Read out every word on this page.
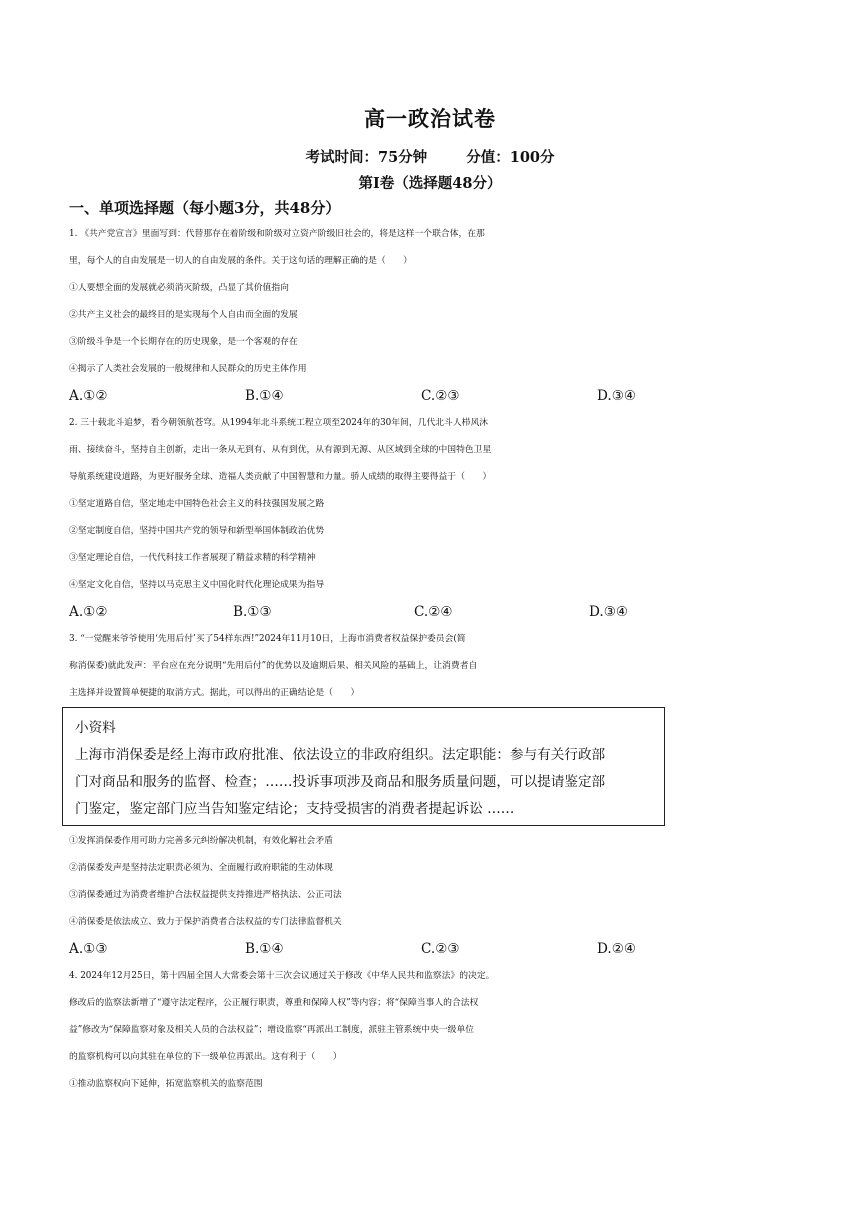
高一政治试卷
考试时间：75分钟	分值：100分
第Ⅰ卷（选择题48分）
一、单项选择题（每小题3分，共48分）
1. 《共产党宣言》里面写到：代替那存在着阶级和阶级对立资产阶级旧社会的，将是这样一个联合体，在那
里，每个人的自由发展是一切人的自由发展的条件。关于这句话的理解正确的是（　　）
①人要想全面的发展就必须消灭阶级，凸显了其价值指向
②共产主义社会的最终目的是实现每个人自由而全面的发展
③阶级斗争是一个长期存在的历史现象，是一个客观的存在
④揭示了人类社会发展的一般规律和人民群众的历史主体作用
A.①②	B.①④	C.②③	D.③④
2. 三十载北斗追梦，看今朝领航苍穹。从1994年北斗系统工程立项至2024年的30年间，几代北斗人栉风沐
雨、接续奋斗，坚持自主创新，走出一条从无到有、从有到优，从有源到无源、从区域到全球的中国特色卫星
导航系统建设道路，为更好服务全球、造福人类贡献了中国智慧和力量。骄人成绩的取得主要得益于（　　）
①坚定道路自信，坚定地走中国特色社会主义的科技强国发展之路
②坚定制度自信，坚持中国共产党的领导和新型举国体制政治优势
③坚定理论自信，一代代科技工作者展现了精益求精的科学精神
④坚定文化自信，坚持以马克思主义中国化时代化理论成果为指导
A.①②	B.①③	C.②④	D.③④
3. “一觉醒来爷爷使用‘先用后付’买了54样东西!”2024年11月10日，上海市消费者权益保护委员会(简
称消保委)就此发声：平台应在充分说明“先用后付”的优势以及逾期后果、相关风险的基础上，让消费者自
主选择并设置简单便捷的取消方式。据此，可以得出的正确结论是（　　）
小资料
上海市消保委是经上海市政府批准、依法设立的非政府组织。法定职能：参与有关行政部
门对商品和服务的监督、检查；……投诉事项涉及商品和服务质量问题，可以提请鉴定部
门鉴定，鉴定部门应当告知鉴定结论；支持受损害的消费者提起诉讼 ……
①发挥消保委作用可助力完善多元纠纷解决机制，有效化解社会矛盾
②消保委发声是坚持法定职责必须为、全面履行政府职能的生动体现
③消保委通过为消费者维护合法权益提供支持推进严格执法、公正司法
④消保委是依法成立、致力于保护消费者合法权益的专门法律监督机关
A.①③	B.①④	C.②③	D.②④
4. 2024年12月25日，第十四届全国人大常委会第十三次会议通过关于修改《中华人民共和监察法》的决定。
修改后的监察法新增了“遵守法定程序，公正履行职责，尊重和保障人权”等内容；将“保障当事人的合法权
益”修改为“保障监察对象及相关人员的合法权益”；增设监察“再派出工制度，派驻主管系统中央一级单位
的监察机构可以向其驻在单位的下一级单位再派出。这有利于（　　）
①推动监察权向下延伸，拓宽监察机关的监察范围
